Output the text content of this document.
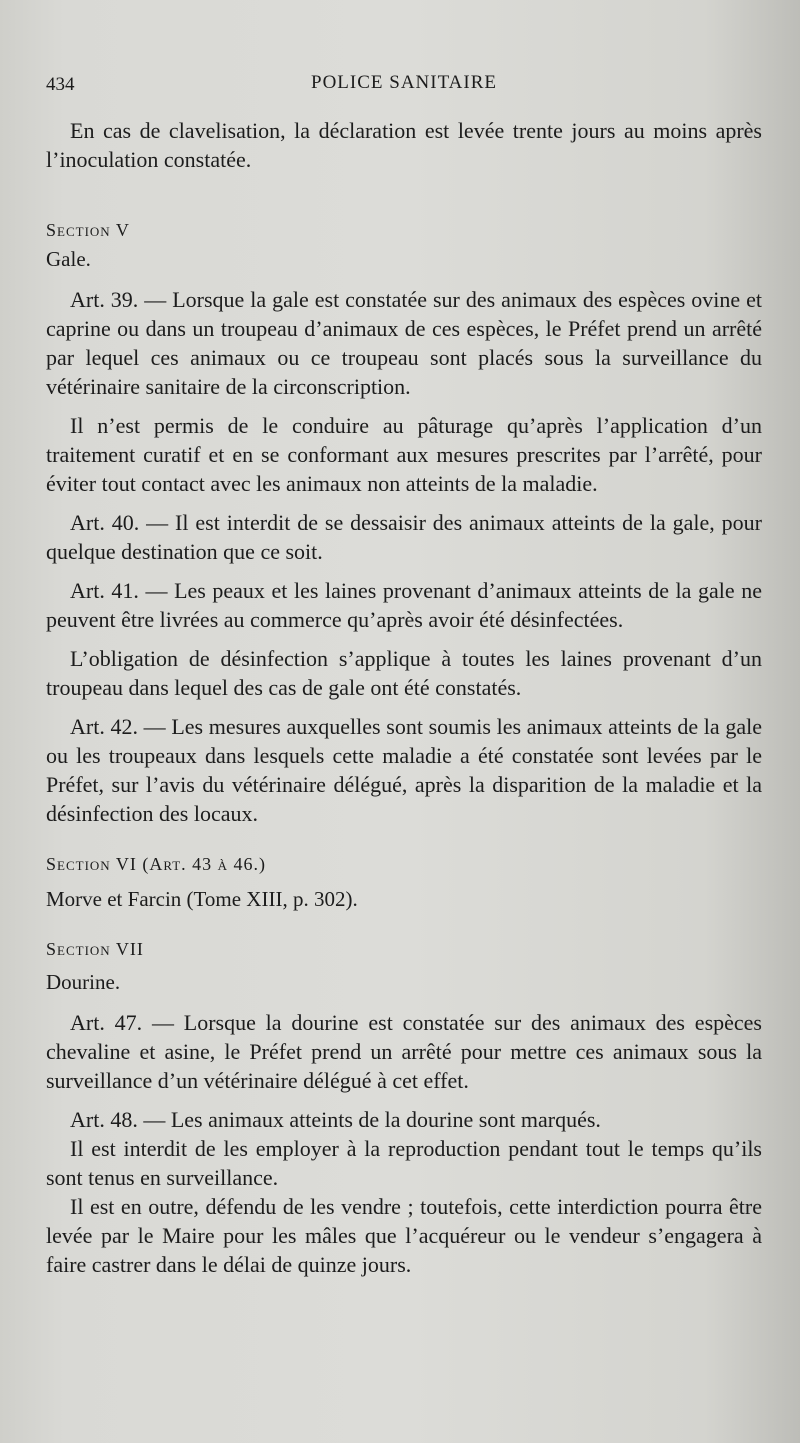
434	POLICE SANITAIRE

En cas de clavelisation, la déclaration est levée trente jours au moins après l’inoculation constatée.

Section V

Gale.

Art. 39. — Lorsque la gale est constatée sur des animaux des espèces ovine et caprine ou dans un troupeau d’animaux de ces espèces, le Préfet prend un arrêté par lequel ces animaux ou ce troupeau sont placés sous la surveillance du vétérinaire sanitaire de la circonscription.

Il n’est permis de le conduire au pâturage qu’après l’application d’un traitement curatif et en se conformant aux mesures prescrites par l’arrêté, pour éviter tout contact avec les animaux non atteints de la maladie.

Art. 40. — Il est interdit de se dessaisir des animaux atteints de la gale, pour quelque destination que ce soit.

Art. 41. — Les peaux et les laines provenant d’animaux atteints de la gale ne peuvent être livrées au commerce qu’après avoir été désinfectées.

L’obligation de désinfection s’applique à toutes les laines provenant d’un troupeau dans lequel des cas de gale ont été constatés.

Art. 42. — Les mesures auxquelles sont soumis les animaux atteints de la gale ou les troupeaux dans lesquels cette maladie a été constatée sont levées par le Préfet, sur l’avis du vétérinaire délégué, après la disparition de la maladie et la désinfection des locaux.

Section VI (Art. 43 à 46.)

Morve et Farcin (Tome XIII, p. 302).

Section VII

Dourine.

Art. 47. — Lorsque la dourine est constatée sur des animaux des espèces chevaline et asine, le Préfet prend un arrêté pour mettre ces animaux sous la surveillance d’un vétérinaire délégué à cet effet.

Art. 48. — Les animaux atteints de la dourine sont marqués.

Il est interdit de les employer à la reproduction pendant tout le temps qu’ils sont tenus en surveillance.

Il est en outre, défendu de les vendre ; toutefois, cette interdiction pourra être levée par le Maire pour les mâles que l’acquéreur ou le vendeur s’engagera à faire castrer dans le délai de quinze jours.
